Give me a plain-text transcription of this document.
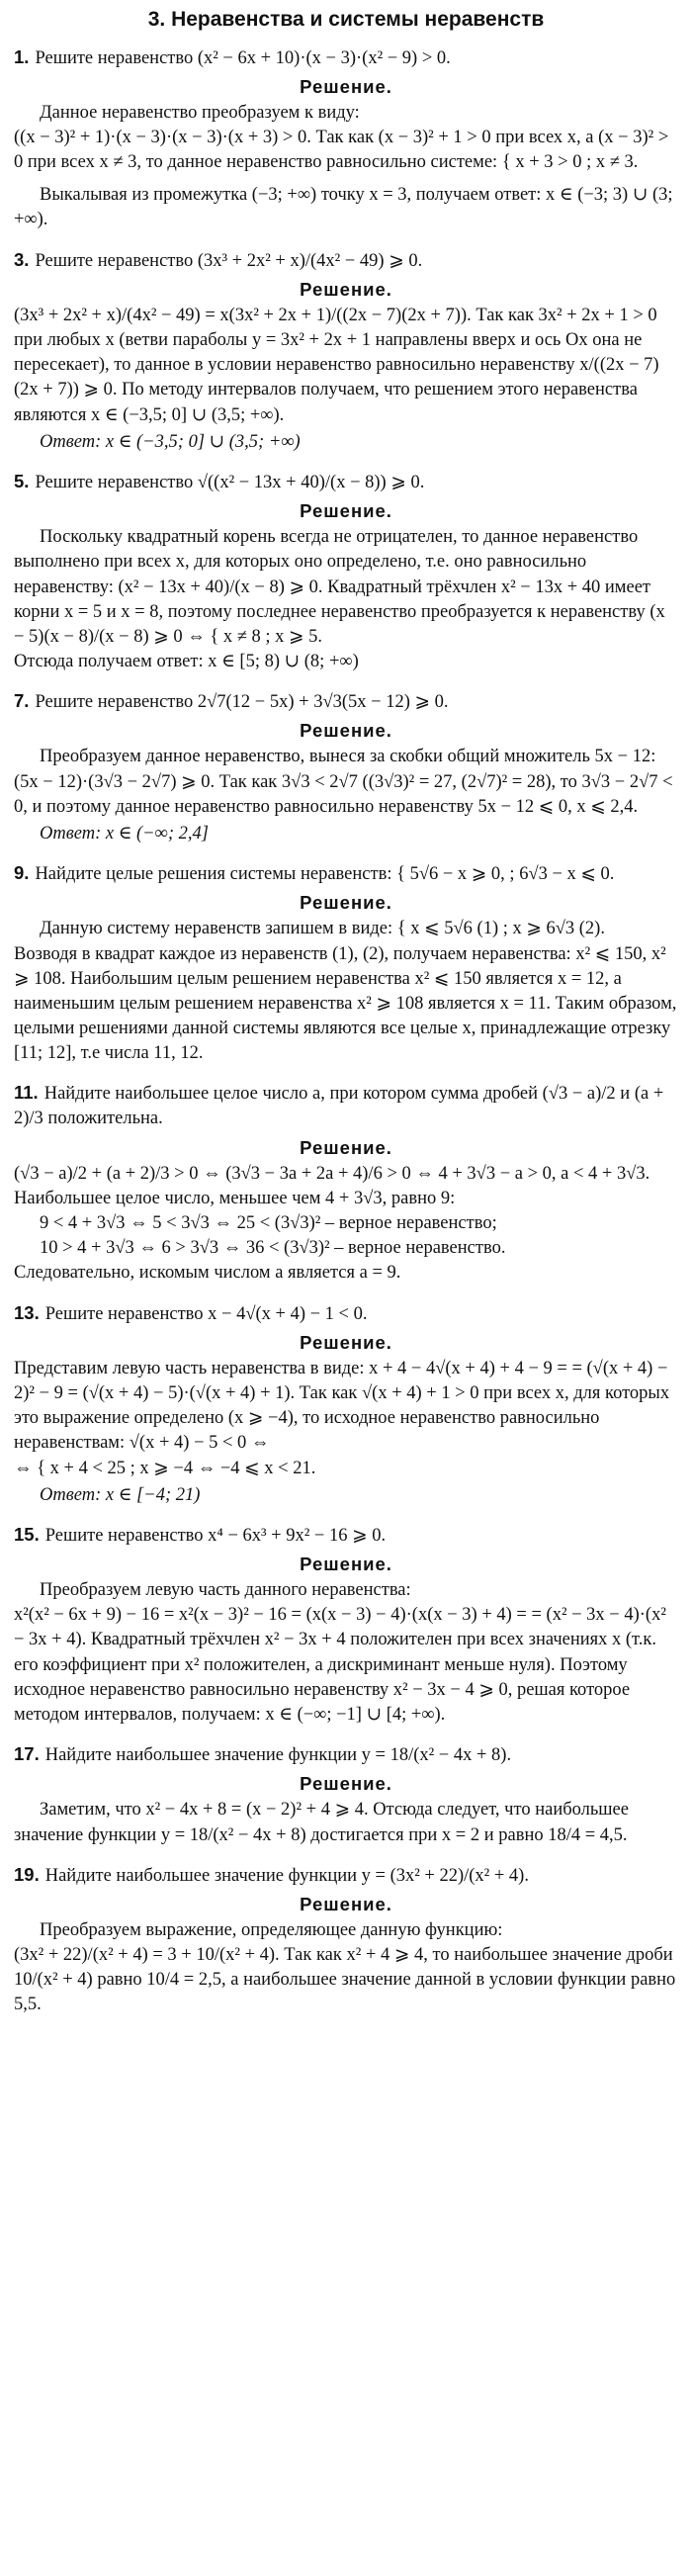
3. Неравенства и системы неравенств
1. Решите неравенство (x² − 6x + 10)·(x − 3)·(x² − 9) > 0.
Решение.

Данное неравенство преобразуем к виду:

((x − 3)² + 1)·(x − 3)·(x − 3)·(x + 3) > 0. Так как (x − 3)² + 1 > 0 при всех x, а (x − 3)² > 0 при всех x ≠ 3, то данное неравенство равносильно системе: { x + 3 > 0 ; x ≠ 3.

Выкалывая из промежутка (−3; +∞) точку x = 3, получаем ответ: x ∈ (−3; 3) ∪ (3; +∞).

3. Решите неравенство (3x³ + 2x² + x)/(4x² − 49) ⩾ 0.
Решение.

(3x³ + 2x² + x)/(4x² − 49) = x(3x² + 2x + 1)/((2x − 7)(2x + 7)). Так как 3x² + 2x + 1 > 0 при любых x (ветви параболы y = 3x² + 2x + 1 направлены вверх и ось Ox она не пересекает), то данное в условии неравенство равносильно неравенству x/((2x − 7)(2x + 7)) ⩾ 0. По методу интервалов получаем, что решением этого неравенства являются x ∈ (−3,5; 0] ∪ (3,5; +∞).

Ответ: x ∈ (−3,5; 0] ∪ (3,5; +∞)

5. Решите неравенство √((x² − 13x + 40)/(x − 8)) ⩾ 0.
Решение.

Поскольку квадратный корень всегда не отрицателен, то данное неравенство выполнено при всех x, для которых оно определено, т.е. оно равносильно неравенству: (x² − 13x + 40)/(x − 8) ⩾ 0. Квадратный трёхчлен x² − 13x + 40 имеет корни x = 5 и x = 8, поэтому последнее неравенство преобразуется к неравенству (x − 5)(x − 8)/(x − 8) ⩾ 0 ⇔ { x ≠ 8 ; x ⩾ 5.

Отсюда получаем ответ: x ∈ [5; 8) ∪ (8; +∞)

7. Решите неравенство 2√7(12 − 5x) + 3√3(5x − 12) ⩾ 0.
Решение.

Преобразуем данное неравенство, вынеся за скобки общий множитель 5x − 12: (5x − 12)·(3√3 − 2√7) ⩾ 0. Так как 3√3 < 2√7 ((3√3)² = 27, (2√7)² = 28), то 3√3 − 2√7 < 0, и поэтому данное неравенство равносильно неравенству 5x − 12 ⩽ 0, x ⩽ 2,4.

Ответ: x ∈ (−∞; 2,4]

9. Найдите целые решения системы неравенств: { 5√6 − x ⩾ 0, ; 6√3 − x ⩽ 0.
Решение.

Данную систему неравенств запишем в виде: { x ⩽ 5√6 (1) ; x ⩾ 6√3 (2).

Возводя в квадрат каждое из неравенств (1), (2), получаем неравенства: x² ⩽ 150, x² ⩾ 108. Наибольшим целым решением неравенства x² ⩽ 150 является x = 12, а наименьшим целым решением неравенства x² ⩾ 108 является x = 11. Таким образом, целыми решениями данной системы являются все целые x, принадлежащие отрезку [11; 12], т.е числа 11, 12.

11. Найдите наибольшее целое число a, при котором сумма дробей (√3 − a)/2 и (a + 2)/3 положительна.
Решение.

(√3 − a)/2 + (a + 2)/3 > 0 ⇔ (3√3 − 3a + 2a + 4)/6 > 0 ⇔ 4 + 3√3 − a > 0, a < 4 + 3√3. Наибольшее целое число, меньшее чем 4 + 3√3, равно 9:

9 < 4 + 3√3 ⇔ 5 < 3√3 ⇔ 25 < (3√3)² – верное неравенство;

10 > 4 + 3√3 ⇔ 6 > 3√3 ⇔ 36 < (3√3)² – верное неравенство.

Следовательно, искомым числом a является a = 9.

13. Решите неравенство x − 4√(x + 4) − 1 < 0.
Решение.

Представим левую часть неравенства в виде: x + 4 − 4√(x + 4) + 4 − 9 = = (√(x + 4) − 2)² − 9 = (√(x + 4) − 5)·(√(x + 4) + 1). Так как √(x + 4) + 1 > 0 при всех x, для которых это выражение определено (x ⩾ −4), то исходное неравенство равносильно неравенствам: √(x + 4) − 5 < 0 ⇔

⇔ { x + 4 < 25 ; x ⩾ −4 ⇔ −4 ⩽ x < 21.

Ответ: x ∈ [−4; 21)

15. Решите неравенство x⁴ − 6x³ + 9x² − 16 ⩾ 0.
Решение.

Преобразуем левую часть данного неравенства:

x²(x² − 6x + 9) − 16 = x²(x − 3)² − 16 = (x(x − 3) − 4)·(x(x − 3) + 4) = = (x² − 3x − 4)·(x² − 3x + 4). Квадратный трёхчлен x² − 3x + 4 положителен при всех значениях x (т.к. его коэффициент при x² положителен, а дискриминант меньше нуля). Поэтому исходное неравенство равносильно неравенству x² − 3x − 4 ⩾ 0, решая которое методом интервалов, получаем: x ∈ (−∞; −1] ∪ [4; +∞).

17. Найдите наибольшее значение функции y = 18/(x² − 4x + 8).
Решение.

Заметим, что x² − 4x + 8 = (x − 2)² + 4 ⩾ 4. Отсюда следует, что наибольшее значение функции y = 18/(x² − 4x + 8) достигается при x = 2 и равно 18/4 = 4,5.

19. Найдите наибольшее значение функции y = (3x² + 22)/(x² + 4).
Решение.

Преобразуем выражение, определяющее данную функцию:

(3x² + 22)/(x² + 4) = 3 + 10/(x² + 4). Так как x² + 4 ⩾ 4, то наибольшее значение дроби 10/(x² + 4) равно 10/4 = 2,5, а наибольшее значение данной в условии функции равно 5,5.
